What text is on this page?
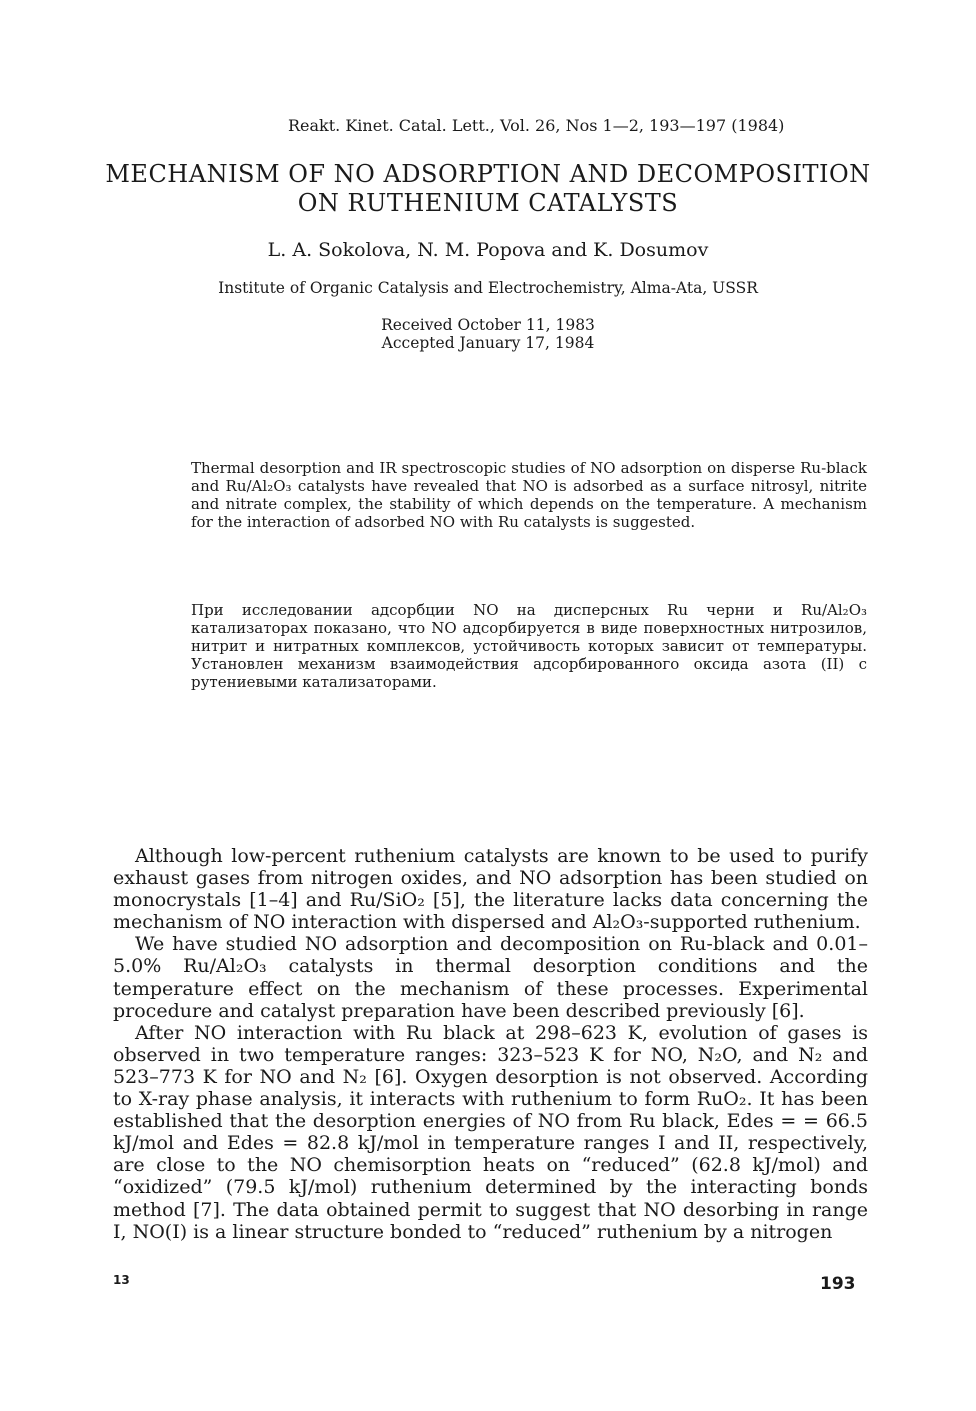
Reakt. Kinet. Catal. Lett., Vol. 26, Nos 1—2, 193—197 (1984)
MECHANISM OF NO ADSORPTION AND DECOMPOSITION
ON RUTHENIUM CATALYSTS
L. A. Sokolova, N. M. Popova and K. Dosumov
Institute of Organic Catalysis and Electrochemistry, Alma-Ata, USSR
Received October 11, 1983
Accepted January 17, 1984
Thermal desorption and IR spectroscopic studies of NO adsorption on disperse Ru-black and Ru/Al₂O₃ catalysts have revealed that NO is adsorbed as a surface nitrosyl, nitrite and nitrate complex, the stability of which depends on the temperature. A mechanism for the interaction of adsorbed NO with Ru catalysts is suggested.
При исследовании адсорбции NO на дисперсных Ru черни и Ru/Al₂O₃ катализаторах показано, что NO адсорбируется в виде поверхностных нитрозилов, нитрит и нитратных комплексов, устойчивость которых зависит от температуры. Установлен механизм взаимодействия адсорбированного оксида азота (II) с рутениевыми катализаторами.

Although low-percent ruthenium catalysts are known to be used to purify exhaust gases from nitrogen oxides, and NO adsorption has been studied on monocrystals [1–4] and Ru/SiO₂ [5], the literature lacks data concerning the mechanism of NO interaction with dispersed and Al₂O₃-supported ruthenium.

We have studied NO adsorption and decomposition on Ru-black and 0.01–5.0% Ru/Al₂O₃ catalysts in thermal desorption conditions and the temperature effect on the mechanism of these processes. Experimental procedure and catalyst preparation have been described previously [6].

After NO interaction with Ru black at 298–623 K, evolution of gases is observed in two temperature ranges: 323–523 K for NO, N₂O, and N₂ and 523–773 K for NO and N₂ [6]. Oxygen desorption is not observed. According to X-ray phase analysis, it interacts with ruthenium to form RuO₂. It has been established that the desorption energies of NO from Ru black, Edes = = 66.5 kJ/mol and Edes = 82.8 kJ/mol in temperature ranges I and II, respectively, are close to the NO chemisorption heats on “reduced” (62.8 kJ/mol) and “oxidized” (79.5 kJ/mol) ruthenium determined by the interacting bonds method [7]. The data obtained permit to suggest that NO desorbing in range I, NO(I) is a linear structure bonded to “reduced” ruthenium by a nitrogen

13	193
